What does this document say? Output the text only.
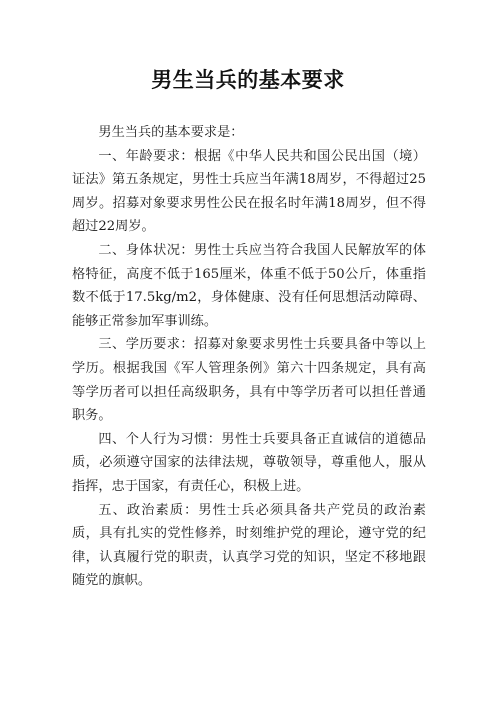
男生当兵的基本要求

男生当兵的基本要求是：

一、年龄要求：根据《中华人民共和国公民出国（境）证法》第五条规定，男性士兵应当年满18周岁，不得超过25周岁。招募对象要求男性公民在报名时年满18周岁，但不得超过22周岁。

二、身体状况：男性士兵应当符合我国人民解放军的体格特征，高度不低于165厘米，体重不低于50公斤，体重指数不低于17.5kg/m2，身体健康、没有任何思想活动障碍、能够正常参加军事训练。

三、学历要求：招募对象要求男性士兵要具备中等以上学历。根据我国《军人管理条例》第六十四条规定，具有高等学历者可以担任高级职务，具有中等学历者可以担任普通职务。

四、个人行为习惯：男性士兵要具备正直诚信的道德品质，必须遵守国家的法律法规，尊敬领导，尊重他人，服从指挥，忠于国家，有责任心，积极上进。

五、政治素质：男性士兵必须具备共产党员的政治素质，具有扎实的党性修养，时刻维护党的理论，遵守党的纪律，认真履行党的职责，认真学习党的知识，坚定不移地跟随党的旗帜。
